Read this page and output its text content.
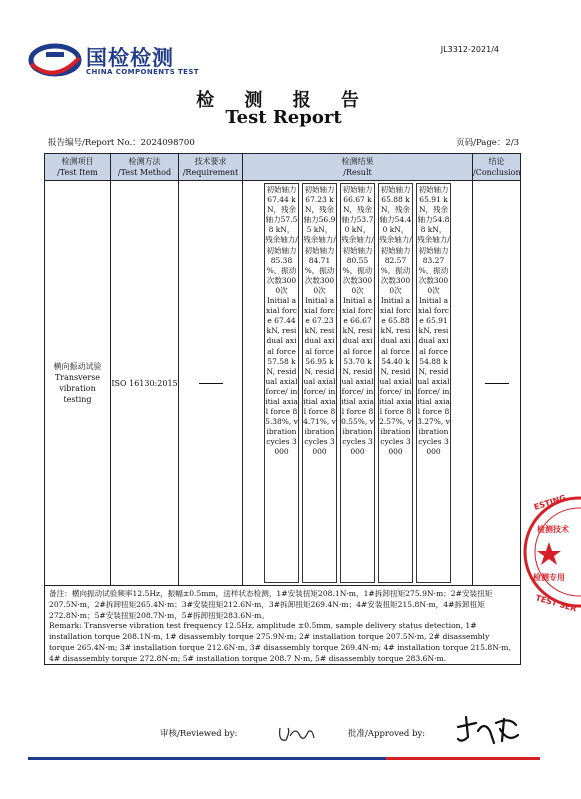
国检检测
CHINA COMPONENTS TEST
JL3312-2021/4
检 测 报 告
Test Report
报告编号/Report No.：2024098700	页码/Page：2/3
检测项目
/Test Item
检测方法
/Test Method
技术要求
/Requirement
检测结果
/Result
结论
/Conclusion
横向振动试验
Transverse
vibration
testing
ISO 16130:2015
初始轴力67.44 kN，残余轴力57.58 kN，残余轴力/初始轴力85.38 %，振动次数3000次
Initial axial force 67.44 kN, residual axial force 57.58 kN, residual axial force/ initial axial force 85.38%, vibration cycles 3000
初始轴力67.23 kN，残余轴力56.95 kN，残余轴力/初始轴力84.71 %，振动次数3000次
Initial axial force 67.23 kN, residual axial force 56.95 kN, residual axial force/ initial axial force 84.71%, vibration cycles 3000
初始轴力66.67 kN，残余轴力53.70 kN，残余轴力/初始轴力80.55 %，振动次数3000次
Initial axial force 66.67 kN, residual axial force 53.70 kN, residual axial force/ initial axial force 80.55%, vibration cycles 3000
初始轴力65.88 kN，残余轴力54.40 kN，残余轴力/初始轴力82.57 %，振动次数3000次
Initial axial force 65.88 kN, residual axial force 54.40 kN, residual axial force/ initial axial force 82.57%, vibration cycles 3000
初始轴力65.91 kN，残余轴力54.88 kN，残余轴力/初始轴力83.27 %，振动次数3000次
Initial axial force 65.91 kN, residual axial force 54.88 kN, residual axial force/ initial axial force 83.27%, vibration cycles 3000

备注：横向振动试验频率12.5Hz，振幅±0.5mm，送样状态检测，1#安装扭矩208.1N·m，1#拆卸扭矩275.9N·m；2#安装扭矩207.5N·m，2#拆卸扭矩265.4N·m；3#安装扭矩212.6N·m，3#拆卸扭矩269.4N·m；4#安装扭矩215.8N·m，4#拆卸扭矩272.8N·m；5#安装扭矩208.7N·m，5#拆卸扭矩283.6N·m。

Remark: Transverse vibration test frequency 12.5Hz, amplitude ±0.5mm, sample delivery status detection, 1# installation torque 208.1N·m, 1# disassembly torque 275.9N·m; 2# installation torque 207.5N·m, 2# disassembly torque 265.4N·m; 3# installation torque 212.6N·m, 3# disassembly torque 269.4N·m; 4# installation torque 215.8N·m, 4# disassembly torque 272.8N·m; 5# installation torque 208.7 N·m, 5# disassembly torque 283.6N·m.

审核/Reviewed by:	批准/Approved by:
ESTING
检测技术
检测专用
TEST SER
